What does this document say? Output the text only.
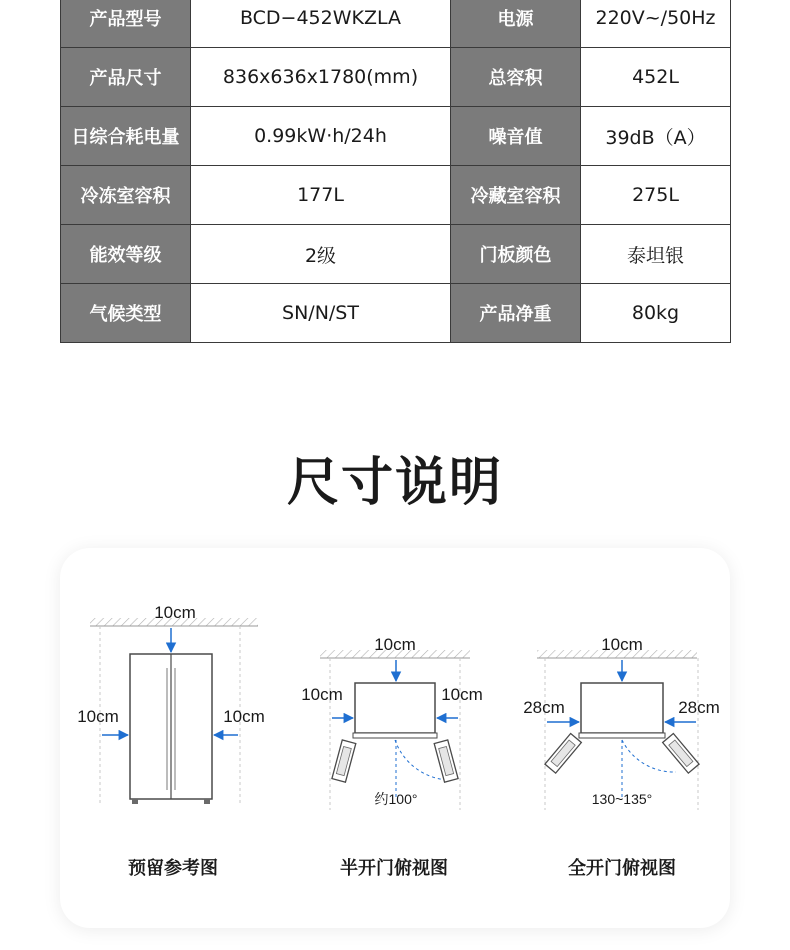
产品型号	BCD−452WKZLA	电源	220V~/50Hz
产品尺寸	836x636x1780(mm)	总容积	452L
日综合耗电量	0.99kW·h/24h	噪音值	39dB（A）
冷冻室容积	177L	冷藏室容积	275L
能效等级	2级	门板颜色	泰坦银
气候类型	SN/N/ST	产品净重	80kg
尺寸说明
10cm
10cm	10cm
10cm
10cm	10cm
约100°
10cm
28cm	28cm
130~135°
预留参考图	半开门俯视图	全开门俯视图
